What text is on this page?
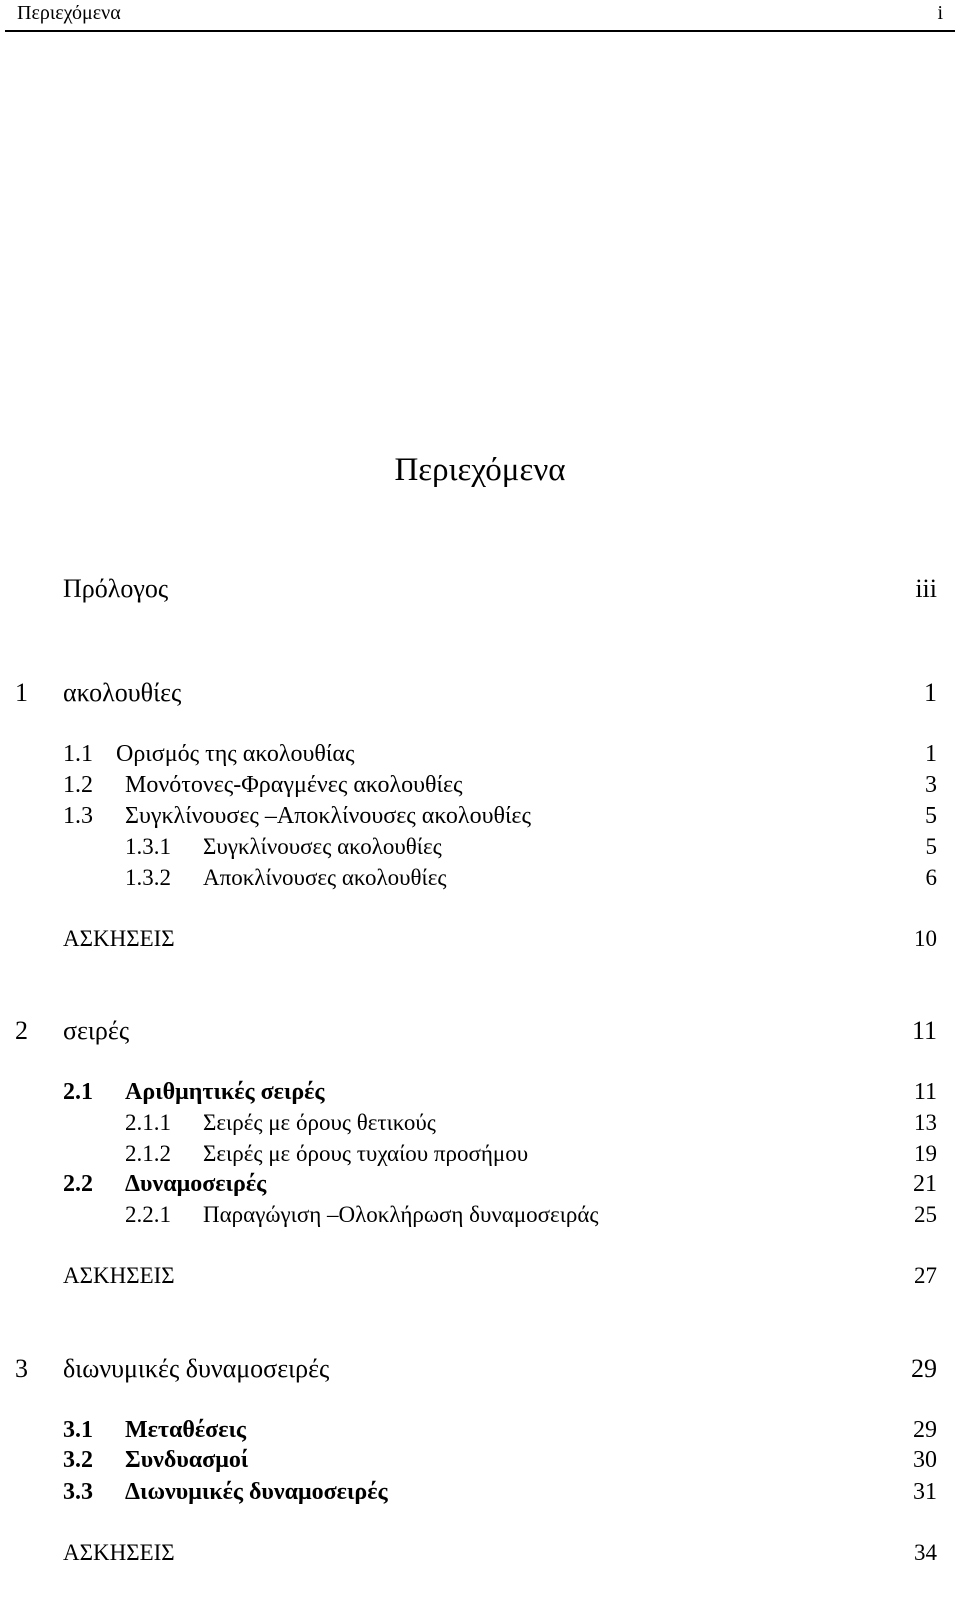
Περιεχόμενα	i
Περιεχόμενα
Πρόλογος	iii
1 ακολουθίες	1
1.1 Ορισμός της ακολουθίας	1
1.2 Μονότονες-Φραγμένες ακολουθίες	3
1.3 Συγκλίνουσες –Αποκλίνουσες ακολουθίες	5
1.3.1 Συγκλίνουσες ακολουθίες	5
1.3.2 Αποκλίνουσες ακολουθίες	6
ΑΣΚΗΣΕΙΣ	10
2 σειρές	11
2.1 Αριθμητικές σειρές	11
2.1.1 Σειρές με όρους θετικούς	13
2.1.2 Σειρές με όρους τυχαίου προσήμου	19
2.2 Δυναμοσειρές	21
2.2.1 Παραγώγιση –Ολοκλήρωση δυναμοσειράς	25
ΑΣΚΗΣΕΙΣ	27
3 διωνυμικές δυναμοσειρές	29
3.1 Μεταθέσεις	29
3.2 Συνδυασμοί	30
3.3 Διωνυμικές δυναμοσειρές	31
ΑΣΚΗΣΕΙΣ	34
